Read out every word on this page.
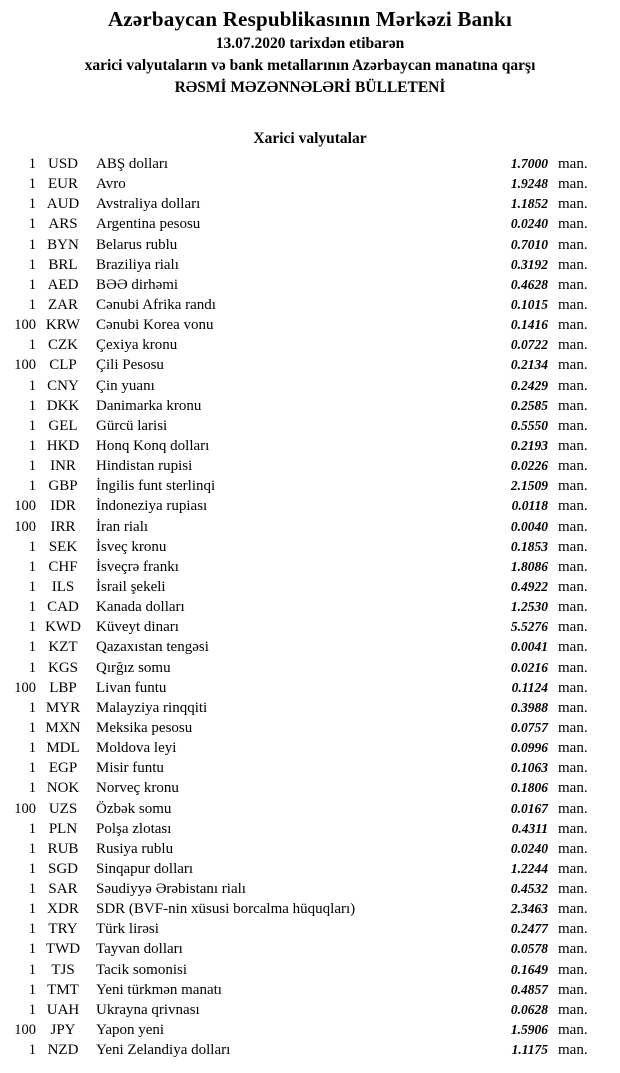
Azərbaycan Respublikasının Mərkəzi Bankı
13.07.2020 tarixdən etibarən
xarici valyutaların və bank metallarının Azərbaycan manatına qarşı
RƏSMİ MƏZƏNNƏLƏRİ BÜLLETENİ
Xarici valyutalar
1 USD	ABŞ dolları	1.7000 man.
1 EUR	Avro	1.9248 man.
1 AUD	Avstraliya dolları	1.1852 man.
1 ARS	Argentina pesosu	0.0240 man.
1 BYN	Belarus rublu	0.7010 man.
1 BRL	Braziliya rialı	0.3192 man.
1 AED	BƏƏ dirhəmi	0.4628 man.
1 ZAR	Cənubi Afrika randı	0.1015 man.
100 KRW	Cənubi Korea vonu	0.1416 man.
1 CZK	Çexiya kronu	0.0722 man.
100 CLP	Çili Pesosu	0.2134 man.
1 CNY	Çin yuanı	0.2429 man.
1 DKK	Danimarka kronu	0.2585 man.
1 GEL	Gürcü larisi	0.5550 man.
1 HKD	Honq Konq dolları	0.2193 man.
1 INR	Hindistan rupisi	0.0226 man.
1 GBP	İngilis funt sterlinqi	2.1509 man.
100 IDR	İndoneziya rupiası	0.0118 man.
100 IRR	İran rialı	0.0040 man.
1 SEK	İsveç kronu	0.1853 man.
1 CHF	İsveçrə frankı	1.8086 man.
1	ILS	İsrail şekeli	0.4922 man.
1 CAD	Kanada dolları	1.2530 man.
1 KWD	Küveyt dinarı	5.5276 man.
1 KZT	Qazaxıstan tengəsi	0.0041 man.
1 KGS	Qırğız somu	0.0216 man.
100 LBP	Livan funtu	0.1124 man.
1 MYR	Malayziya rinqqiti	0.3988 man.
1 MXN	Meksika pesosu	0.0757 man.
1 MDL	Moldova leyi	0.0996 man.
1 EGP	Misir funtu	0.1063 man.
1 NOK	Norveç kronu	0.1806 man.
100 UZS	Özbək somu	0.0167 man.
1 PLN	Polşa zlotası	0.4311 man.
1 RUB	Rusiya rublu	0.0240 man.
1 SGD	Sinqapur dolları	1.2244 man.
1 SAR	Səudiyyə Ərəbistanı rialı	0.4532 man.
1 XDR	SDR (BVF-nin xüsusi borcalma hüquqları)	2.3463 man.
1 TRY	Türk lirəsi	0.2477 man.
1 TWD	Tayvan dolları	0.0578 man.
1	TJS	Tacik somonisi	0.1649 man.
1 TMT	Yeni türkmən manatı	0.4857 man.
1 UAH	Ukrayna qrivnası	0.0628 man.
100 JPY	Yapon yeni	1.5906 man.
1 NZD	Yeni Zelandiya dolları	1.1175 man.
